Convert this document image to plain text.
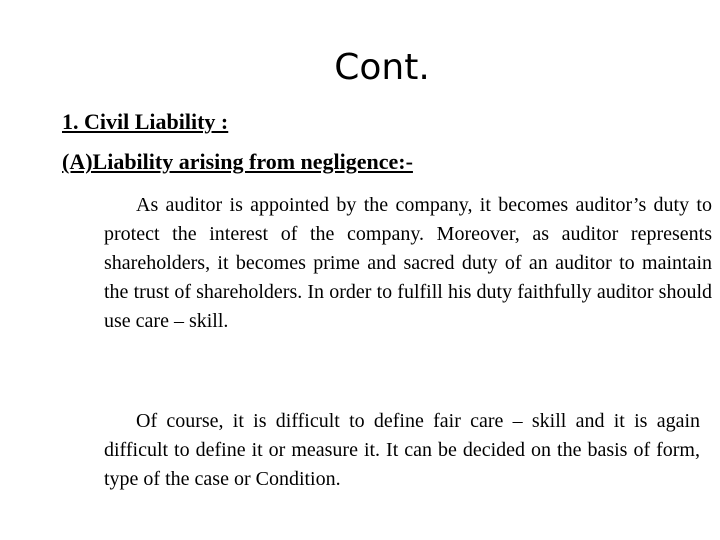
Cont.

1. Civil Liability :

(A)Liability arising from negligence:-

As auditor is appointed by the company, it becomes auditor’s duty to protect the interest of the company. Moreover, as auditor represents shareholders, it becomes prime and sacred duty of an auditor to maintain the trust of shareholders. In order to fulfill his duty faithfully auditor should use care – skill.

Of course, it is difficult to define fair care – skill and it is again difficult to define it or measure it. It can be decided on the basis of form, type of the case or Condition.
